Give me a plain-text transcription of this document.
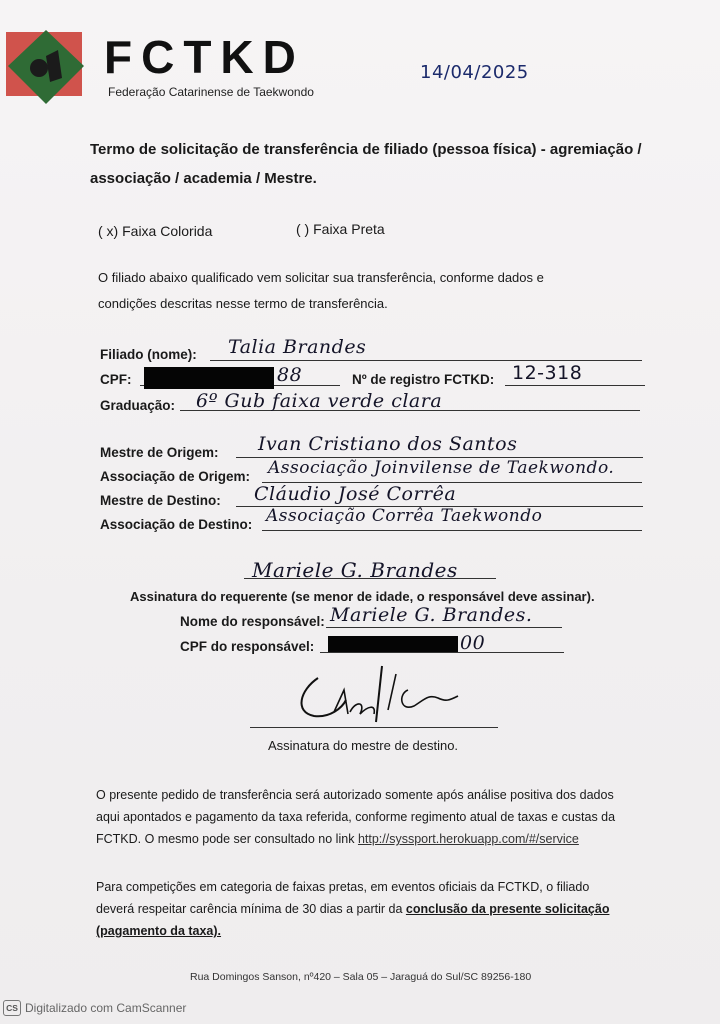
FCTKD
Federação Catarinense de Taekwondo
14/04/2025
Termo de solicitação de transferência de filiado (pessoa física) - agremiação /
associação / academia / Mestre.
( x) Faixa Colorida	( ) Faixa Preta
O filiado abaixo qualificado vem solicitar sua transferência, conforme dados e
condições descritas nesse termo de transferência.
Filiado (nome): Talia Brandes
CPF:	88	Nº de registro FCTKD: 12-318
Graduação: 6º Gub faixa verde clara
Mestre de Origem: Ivan Cristiano dos Santos
Associação de Origem: Associação Joinvilense de Taekwondo.
Mestre de Destino: Cláudio José Corrêa
Associação de Destino: Associação Corrêa Taekwondo
Mariele G. Brandes
Assinatura do requerente (se menor de idade, o responsável deve assinar).
Nome do responsável: Mariele G. Brandes.
CPF do responsável:	00
Assinatura do mestre de destino.
O presente pedido de transferência será autorizado somente após análise positiva dos dados
aqui apontados e pagamento da taxa referida, conforme regimento atual de taxas e custas da
FCTKD. O mesmo pode ser consultado no link http://syssport.herokuapp.com/#/service
Para competições em categoria de faixas pretas, em eventos oficiais da FCTKD, o filiado
deverá respeitar carência mínima de 30 dias a partir da conclusão da presente solicitação
(pagamento da taxa).
Rua Domingos Sanson, nº420 – Sala 05 – Jaraguá do Sul/SC 89256-180
CS Digitalizado com CamScanner
